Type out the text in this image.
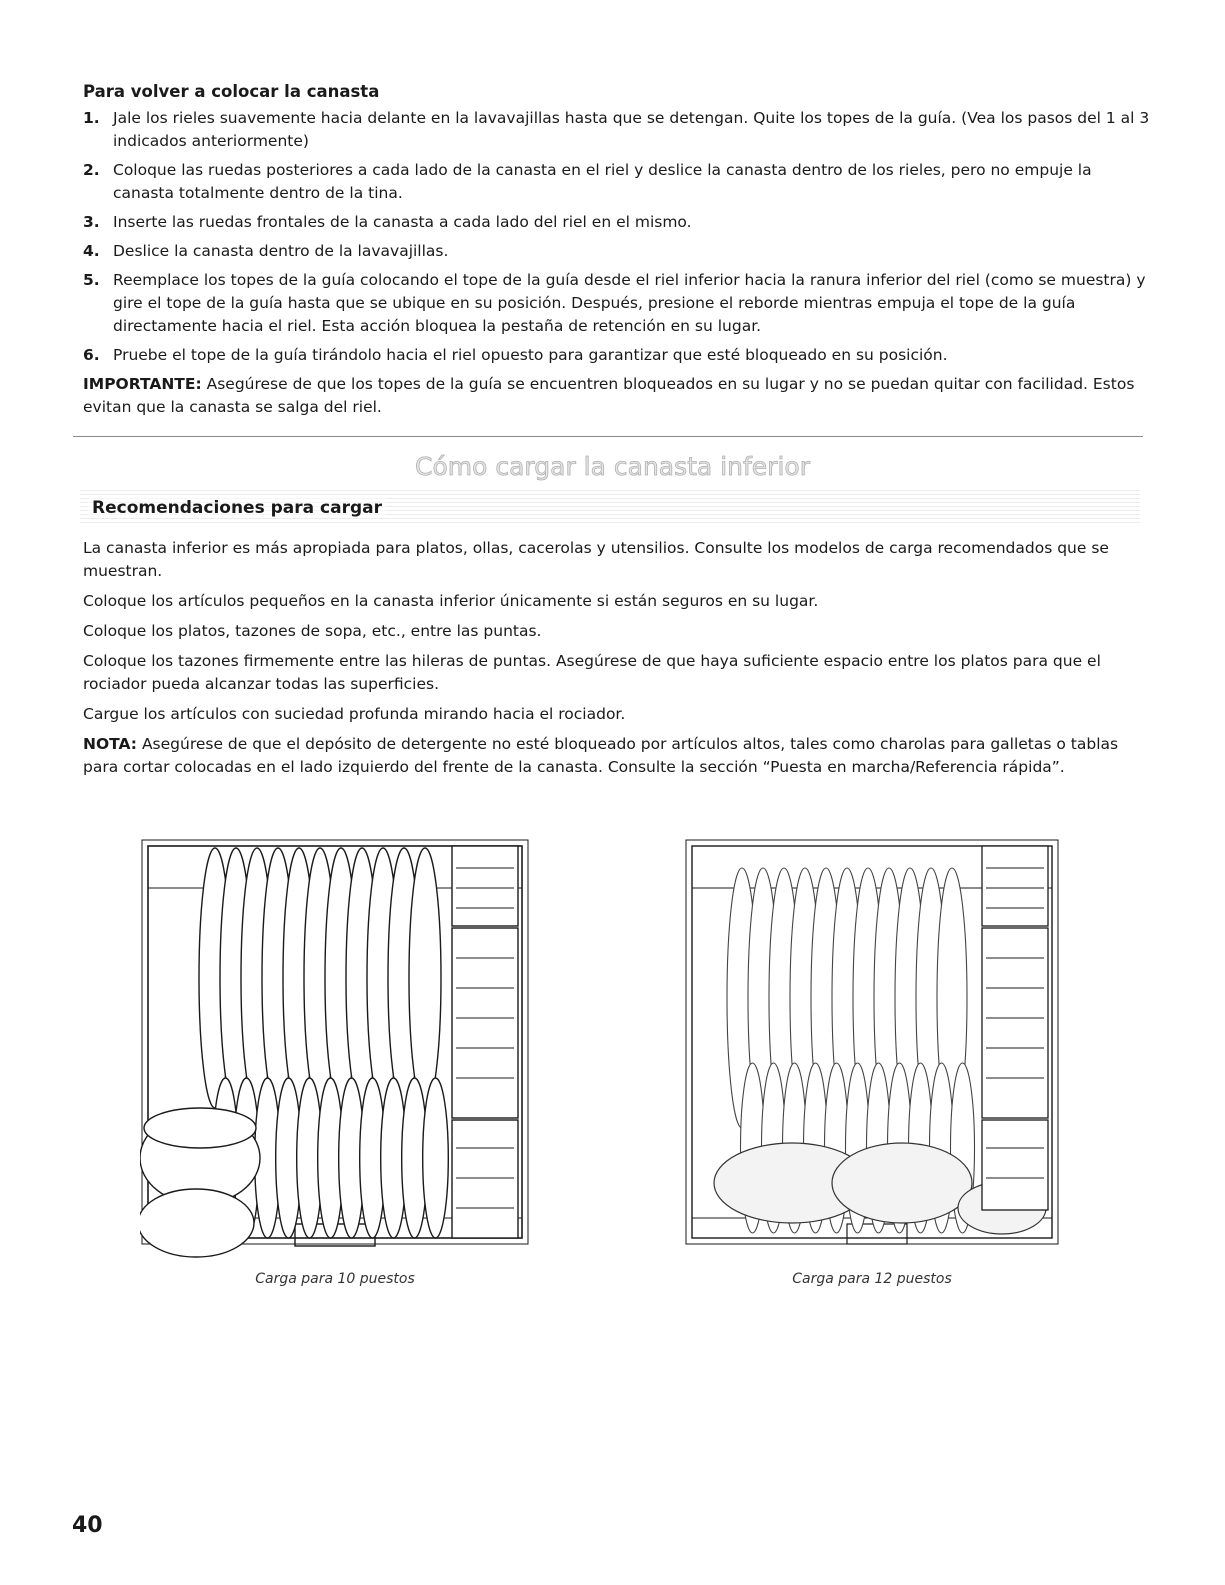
Para volver a colocar la canasta
1. Jale los rieles suavemente hacia delante en la lavavajillas hasta que se detengan. Quite los topes de la guía. (Vea los pasos del 1 al 3 indicados anteriormente)
2. Coloque las ruedas posteriores a cada lado de la canasta en el riel y deslice la canasta dentro de los rieles, pero no empuje la canasta totalmente dentro de la tina.
3. Inserte las ruedas frontales de la canasta a cada lado del riel en el mismo.
4. Deslice la canasta dentro de la lavavajillas.
5. Reemplace los topes de la guía colocando el tope de la guía desde el riel inferior hacia la ranura inferior del riel (como se muestra) y gire el tope de la guía hasta que se ubique en su posición. Después, presione el reborde mientras empuja el tope de la guía directamente hacia el riel. Esta acción bloquea la pestaña de retención en su lugar.
6. Pruebe el tope de la guía tirándolo hacia el riel opuesto para garantizar que esté bloqueado en su posición.

IMPORTANTE: Asegúrese de que los topes de la guía se encuentren bloqueados en su lugar y no se puedan quitar con facilidad. Estos evitan que la canasta se salga del riel.

Cómo cargar la canasta inferior
Recomendaciones para cargar

La canasta inferior es más apropiada para platos, ollas, cacerolas y utensilios. Consulte los modelos de carga recomendados que se muestran.

Coloque los artículos pequeños en la canasta inferior únicamente si están seguros en su lugar.

Coloque los platos, tazones de sopa, etc., entre las puntas.

Coloque los tazones firmemente entre las hileras de puntas. Asegúrese de que haya suficiente espacio entre los platos para que el rociador pueda alcanzar todas las superficies.

Cargue los artículos con suciedad profunda mirando hacia el rociador.

NOTA: Asegúrese de que el depósito de detergente no esté bloqueado por artículos altos, tales como charolas para galletas o tablas para cortar colocadas en el lado izquierdo del frente de la canasta. Consulte la sección “Puesta en marcha/Referencia rápida”.

Carga para 10 puestos	Carga para 12 puestos
40
